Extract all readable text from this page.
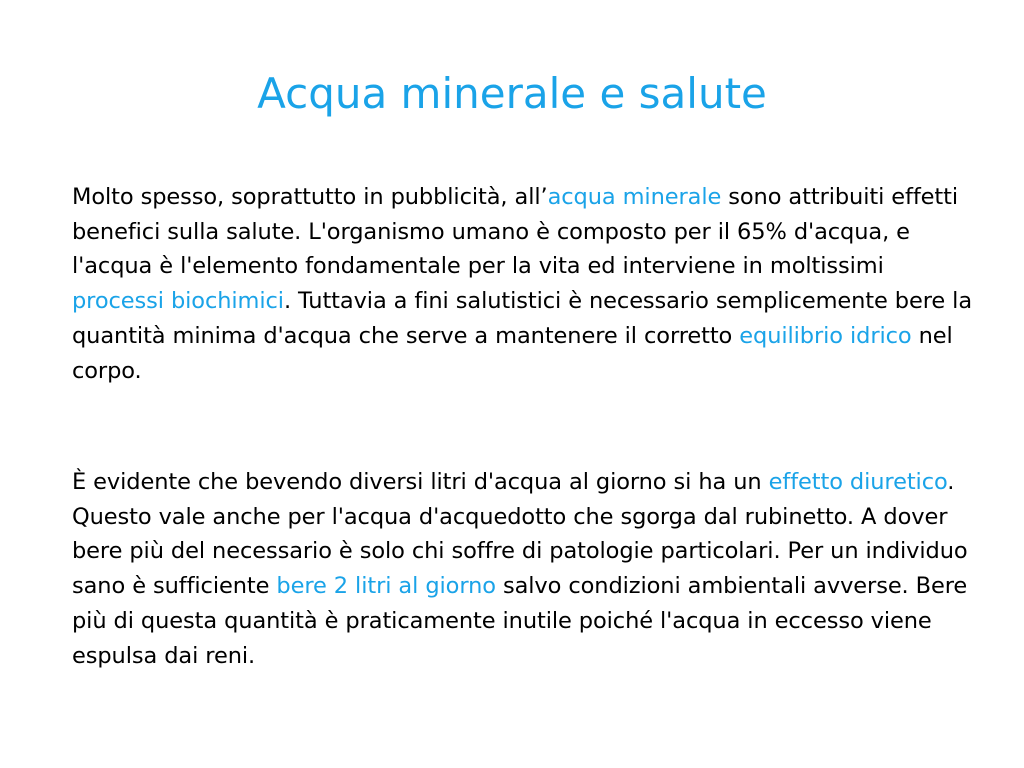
Acqua minerale e salute

Molto spesso, soprattutto in pubblicità, all’acqua minerale sono attribuiti effetti benefici sulla salute. L'organismo umano è composto per il 65% d'acqua, e l'acqua è l'elemento fondamentale per la vita ed interviene in moltissimi processi biochimici. Tuttavia a fini salutistici è necessario semplicemente bere la quantità minima d'acqua che serve a mantenere il corretto equilibrio idrico nel corpo.

È evidente che bevendo diversi litri d'acqua al giorno si ha un effetto diuretico. Questo vale anche per l'acqua d'acquedotto che sgorga dal rubinetto. A dover bere più del necessario è solo chi soffre di patologie particolari. Per un individuo sano è sufficiente bere 2 litri al giorno salvo condizioni ambientali avverse. Bere più di questa quantità è praticamente inutile poiché l'acqua in eccesso viene espulsa dai reni.
